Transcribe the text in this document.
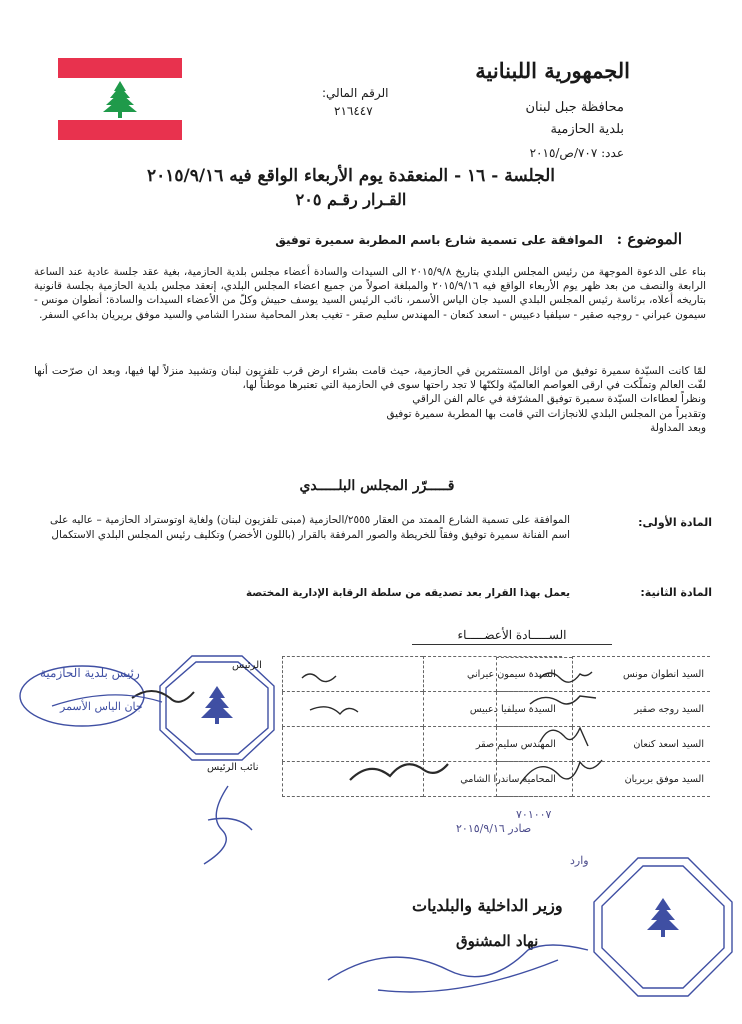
الجمهورية اللبنانية
محافظة جبل لبنان
بلدية الحازمية
عدد: ٧٠٧/ص/٢٠١٥
الرقم المالي:
٢١٦٤٤٧
الجلسة - ١٦ - المنعقدة يوم الأربعاء الواقع فيه ٢٠١٥/٩/١٦
القـرار رقـم ٢٠٥
الموضوع : الموافقة على تسمية شارع باسم المطربة سميرة توفيق
بناء على الدعوة الموجهة من رئيس المجلس البلدي بتاريخ ٢٠١٥/٩/٨ الى السيدات والسادة أعضاء مجلس بلدية الحازمية، بغية عقد جلسة عادية عند الساعة الرابعة والنصف من بعد ظهر يوم الأربعاء الواقع فيه ٢٠١٥/٩/١٦ والمبلغة اصولاً من جميع اعضاء المجلس البلدي، إنعقد مجلس بلدية الحازمية بجلسة قانونية بتاريخه أعلاه، برئاسة رئيس المجلس البلدي السيد جان الياس الأسمر، نائب الرئيس السيد يوسف حبيش وكلّ من الأعضاء السيدات والسادة: أنطوان مونس - سيمون عيراني - روجيه صقير - سيلفيا دعبيس - اسعد كنعان - المهندس سليم صقر - تغيب بعذر المحامية سندرا الشامي والسيد موفق بريريان بداعي السفر.
لمّا كانت السيّدة سميرة توفيق من اوائل المستثمرين في الحازمية، حيث قامت بشراء ارض قرب تلفزيون لبنان وتشييد منزلاً لها فيها، وبعد ان صرّحت أنها لفّت العالم وتملّكت في ارقى العواصم العالميّة ولكنّها لا تجد راحتها سوى في الحازمية التي تعتبرها موطناً لها،
ونظراً لعطاءات السيّدة سميرة توفيق المشرّفة في عالم الفن الراقي
وتقديراً من المجلس البلدي للانجازات التي قامت بها المطربة سميرة توفيق
وبعد المداولة
قـــــرّر المجلس البلـــــدي
المادة الأولى:
الموافقة على تسمية الشارع الممتد من العقار ٢٥٥٥/الحازمية (مبنى تلفزيون لبنان) ولغاية اوتوستراد الحازمية – عاليه على اسم الفنانة سميرة توفيق وفقاً للخريطة والصور المرفقة بالقرار (باللون الأخضر) وتكليف رئيس المجلس البلدي الاستكمال
المادة الثانية:
يعمل بهذا القرار بعد تصديقه من سلطة الرقابة الإدارية المختصة
الســـــادة الأعضـــــاء
السيد انطوان مونس	السيدة سيمون عيراني	
السيد روجه صقير	السيدة سيلفيا دعبيس	
السيد اسعد كنعان	المهندس سليم صقر	
السيد موفق بريريان	المحامية ساندرا الشامي	
رئيس بلدية الحازمية
جان الياس الأسمر
الرئيس
نائب الرئيس
٧٠١٠٠٧
صادر ٢٠١٥/٩/١٦
وارد
وزير الداخلية والبلديات
نهاد المشنوق
